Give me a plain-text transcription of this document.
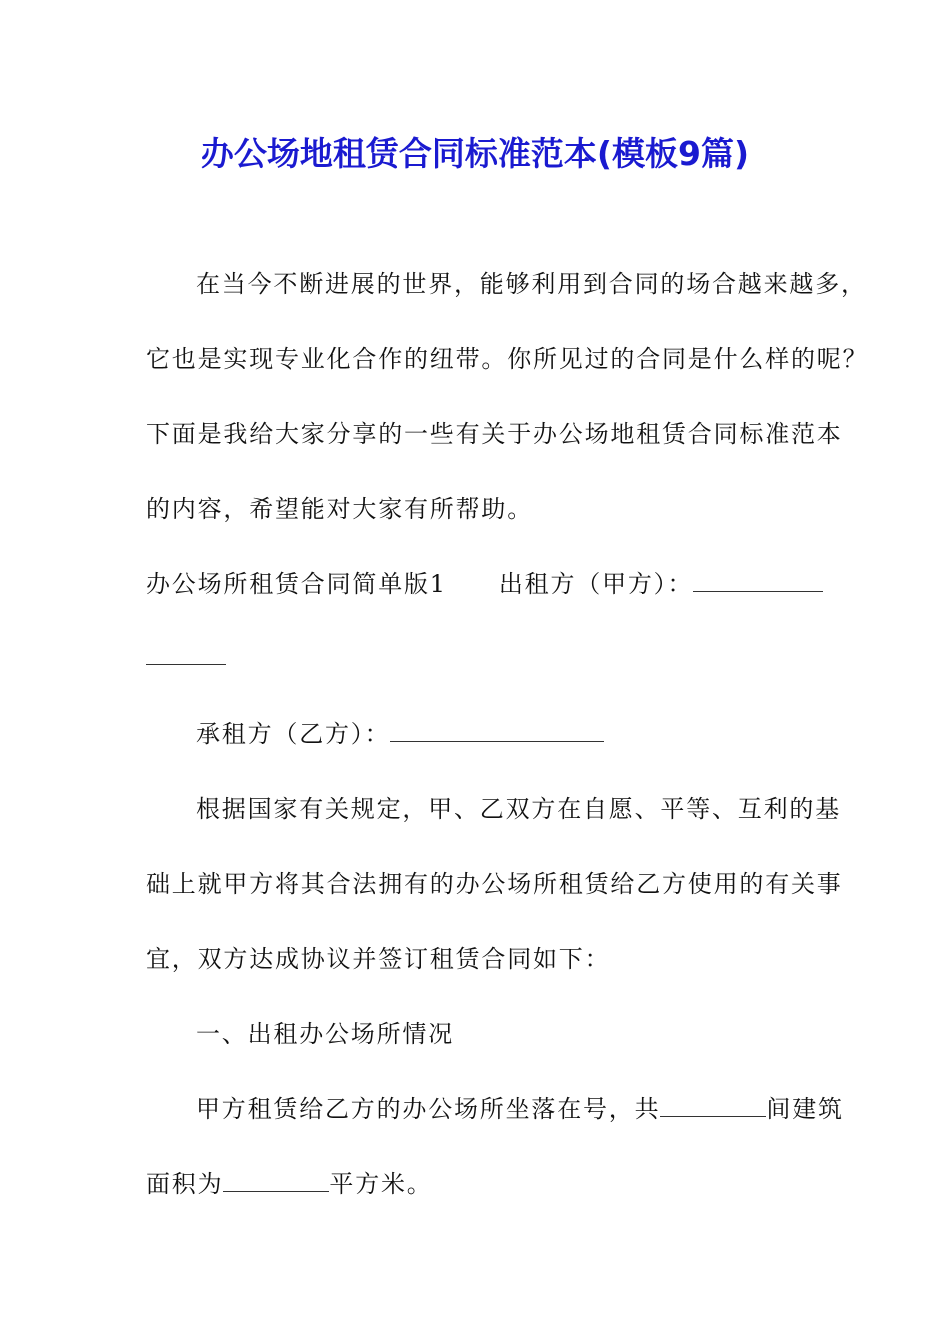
办公场地租赁合同标准范本(模板9篇)

在当今不断进展的世界，能够利用到合同的场合越来越多，

它也是实现专业化合作的纽带。你所见过的合同是什么样的呢？

下面是我给大家分享的一些有关于办公场地租赁合同标准范本

的内容，希望能对大家有所帮助。

办公场所租赁合同简单版1 出租方（甲方）：

承租方（乙方）：

根据国家有关规定，甲、乙双方在自愿、平等、互利的基

础上就甲方将其合法拥有的办公场所租赁给乙方使用的有关事

宜，双方达成协议并签订租赁合同如下：

一、出租办公场所情况

甲方租赁给乙方的办公场所坐落在号，共	间建筑

面积为	平方米。
